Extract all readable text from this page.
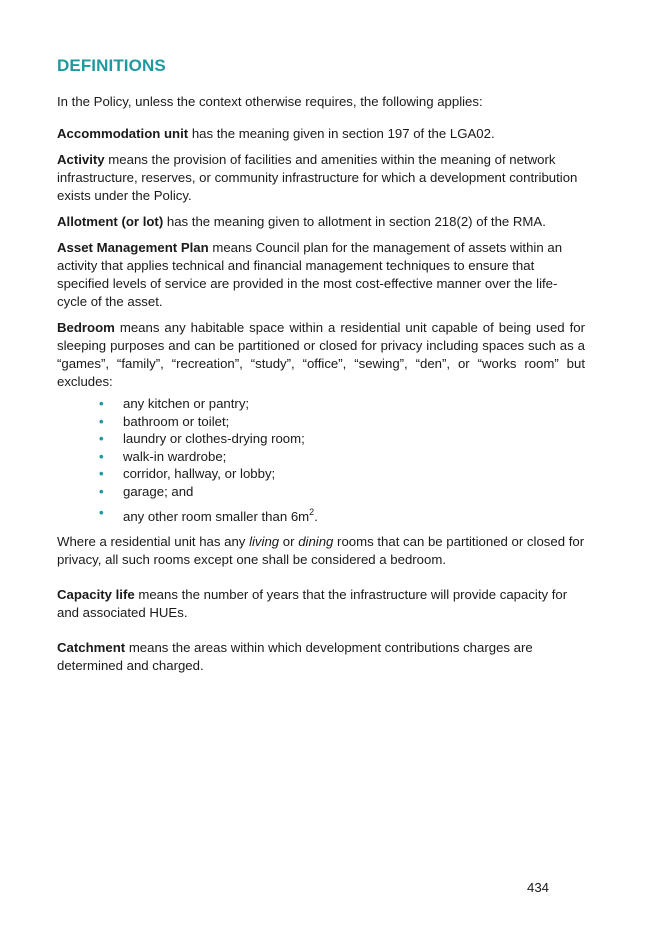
DEFINITIONS

In the Policy, unless the context otherwise requires, the following applies:

Accommodation unit has the meaning given in section 197 of the LGA02.

Activity means the provision of facilities and amenities within the meaning of network infrastructure, reserves, or community infrastructure for which a development contribution exists under the Policy.

Allotment (or lot) has the meaning given to allotment in section 218(2) of the RMA.

Asset Management Plan means Council plan for the management of assets within an activity that applies technical and financial management techniques to ensure that specified levels of service are provided in the most cost-effective manner over the life-cycle of the asset.

Bedroom means any habitable space within a residential unit capable of being used for sleeping purposes and can be partitioned or closed for privacy including spaces such as a “games”, “family”, “recreation”, “study”, “office”, “sewing”, “den”, or “works room” but excludes:

• any kitchen or pantry;
• bathroom or toilet;
• laundry or clothes-drying room;
• walk-in wardrobe;
• corridor, hallway, or lobby;
• garage; and
• any other room smaller than $6m^2$.

Where a residential unit has any living or dining rooms that can be partitioned or closed for privacy, all such rooms except one shall be considered a bedroom.

Capacity life means the number of years that the infrastructure will provide capacity for and associated HUEs.

Catchment means the areas within which development contributions charges are determined and charged.

434
